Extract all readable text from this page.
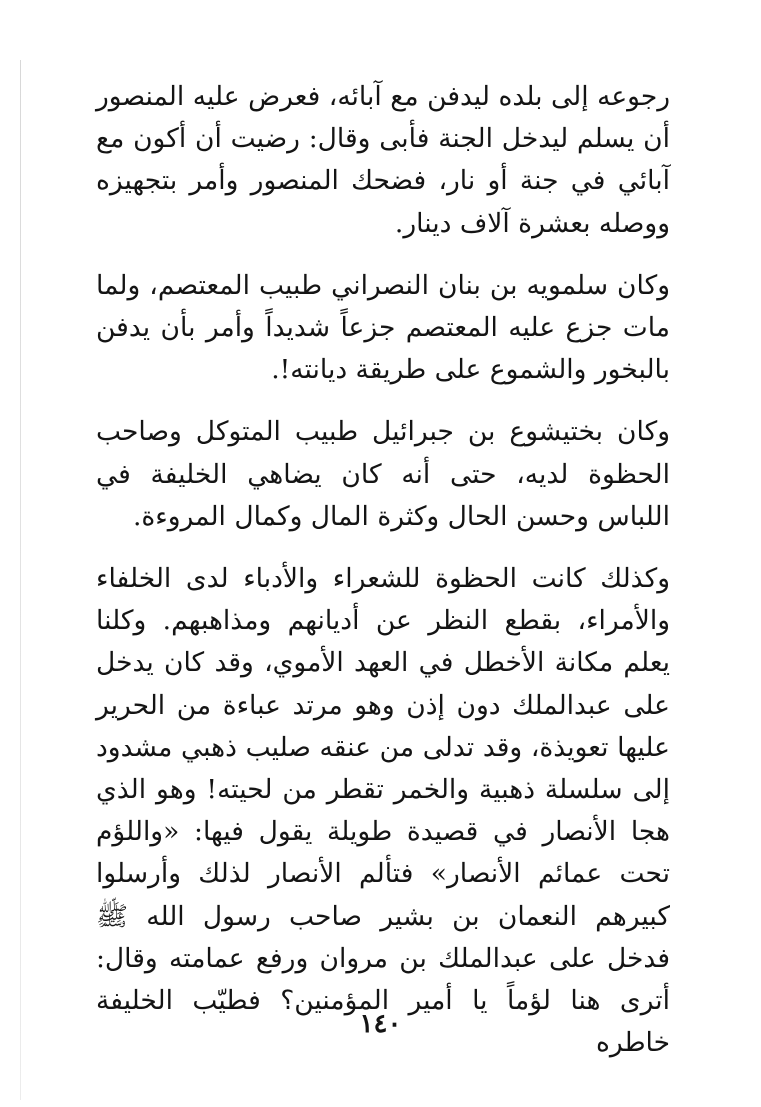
رجوعه إلى بلده ليدفن مع آبائه، فعرض عليه المنصور أن يسلم ليدخل الجنة فأبى وقال: رضيت أن أكون مع آبائي في جنة أو نار، فضحك المنصور وأمر بتجهيزه ووصله بعشرة آلاف دينار.

وكان سلمويه بن بنان النصراني طبيب المعتصم، ولما مات جزع عليه المعتصم جزعاً شديداً وأمر بأن يدفن بالبخور والشموع على طريقة ديانته!.

وكان بختيشوع بن جبرائيل طبيب المتوكل وصاحب الحظوة لديه، حتى أنه كان يضاهي الخليفة في اللباس وحسن الحال وكثرة المال وكمال المروءة.

وكذلك كانت الحظوة للشعراء والأدباء لدى الخلفاء والأمراء، بقطع النظر عن أديانهم ومذاهبهم. وكلنا يعلم مكانة الأخطل في العهد الأموي، وقد كان يدخل على عبدالملك دون إذن وهو مرتد عباءة من الحرير عليها تعويذة، وقد تدلى من عنقه صليب ذهبي مشدود إلى سلسلة ذهبية والخمر تقطر من لحيته! وهو الذي هجا الأنصار في قصيدة طويلة يقول فيها: «واللؤم تحت عمائم الأنصار» فتألم الأنصار لذلك وأرسلوا كبيرهم النعمان بن بشير صاحب رسول الله ﷺ فدخل على عبدالملك بن مروان ورفع عمامته وقال: أترى هنا لؤماً يا أمير المؤمنين؟ فطيّب الخليفة خاطره

١٤٠
